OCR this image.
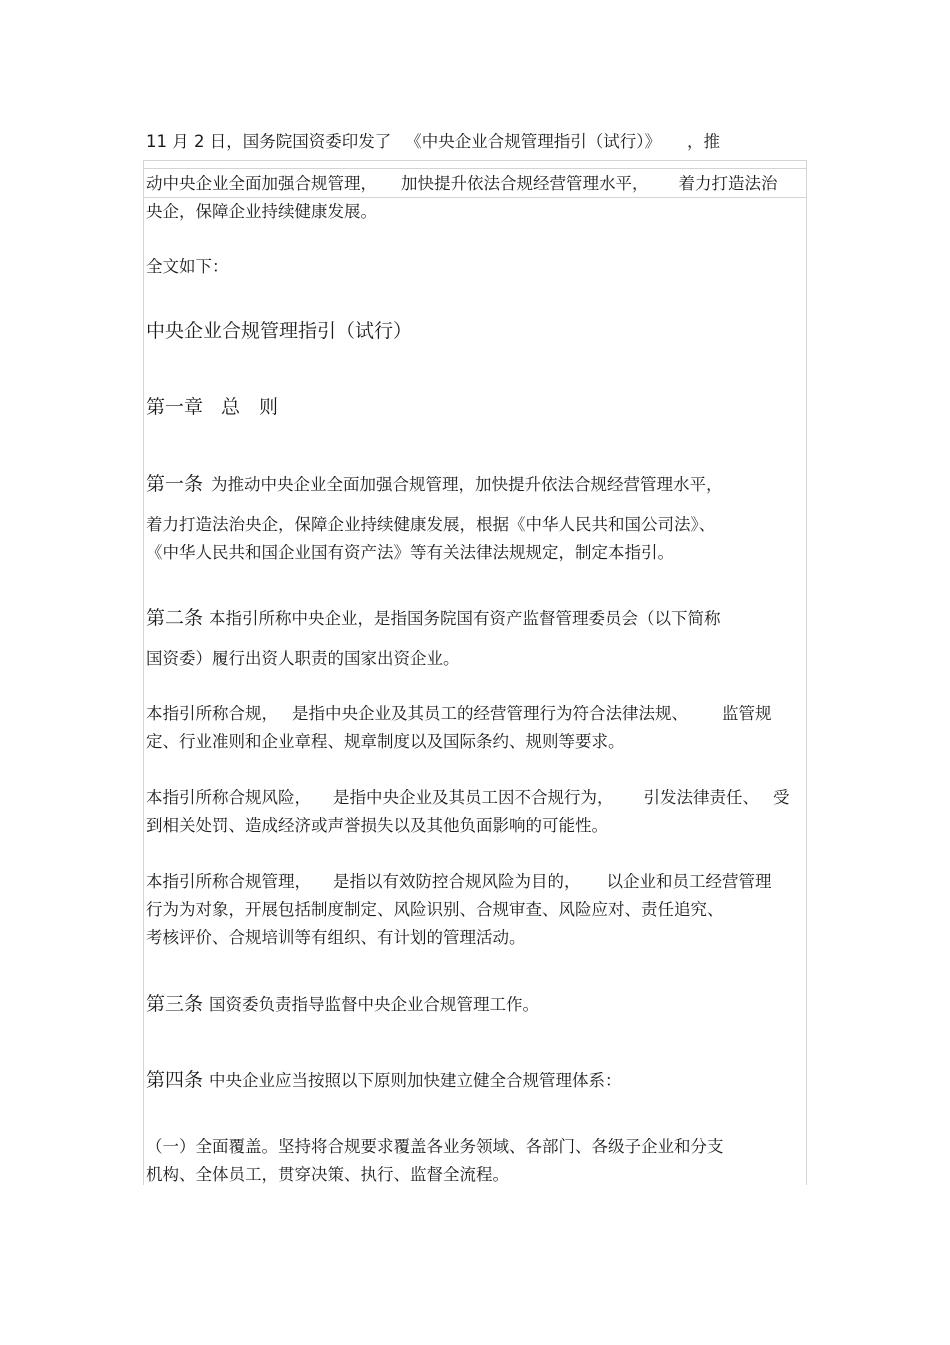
11 月 2 日，国务院国资委印发了 《中央企业合规管理指引（试行）》 ，推
动中央企业全面加强合规管理， 加快提升依法合规经营管理水平， 着力打造法治
央企，保障企业持续健康发展。
全文如下：
中央企业合规管理指引（试行）
第一章 总　则
第一条 为推动中央企业全面加强合规管理，加快提升依法合规经营管理水平，
着力打造法治央企，保障企业持续健康发展，根据《中华人民共和国公司法》、
《中华人民共和国企业国有资产法》等有关法律法规规定，制定本指引。
第二条 本指引所称中央企业，是指国务院国有资产监督管理委员会（以下简称
国资委）履行出资人职责的国家出资企业。
本指引所称合规， 是指中央企业及其员工的经营管理行为符合法律法规、 监管规
定、行业准则和企业章程、规章制度以及国际条约、规则等要求。
本指引所称合规风险， 是指中央企业及其员工因不合规行为， 引发法律责任、 受
到相关处罚、造成经济或声誉损失以及其他负面影响的可能性。
本指引所称合规管理， 是指以有效防控合规风险为目的， 以企业和员工经营管理
行为为对象，开展包括制度制定、风险识别、合规审查、风险应对、责任追究、
考核评价、合规培训等有组织、有计划的管理活动。
第三条 国资委负责指导监督中央企业合规管理工作。
第四条 中央企业应当按照以下原则加快建立健全合规管理体系：
（一）全面覆盖。坚持将合规要求覆盖各业务领域、各部门、各级子企业和分支
机构、全体员工，贯穿决策、执行、监督全流程。
